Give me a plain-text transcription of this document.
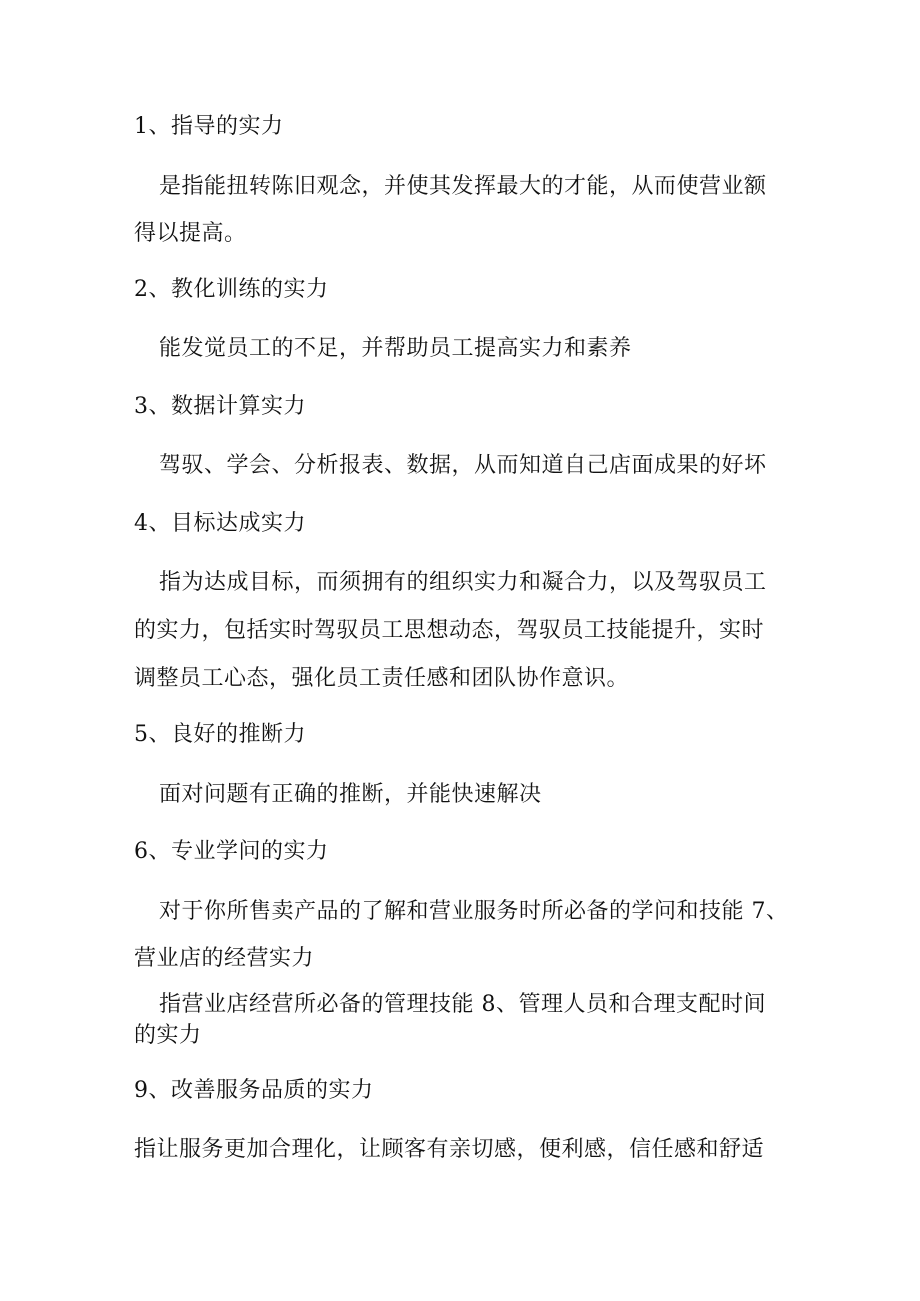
1、指导的实力
是指能扭转陈旧观念，并使其发挥最大的才能，从而使营业额
得以提高。
2、教化训练的实力
能发觉员工的不足，并帮助员工提高实力和素养
3、数据计算实力
驾驭、学会、分析报表、数据，从而知道自己店面成果的好坏
4、目标达成实力
指为达成目标，而须拥有的组织实力和凝合力，以及驾驭员工
的实力，包括实时驾驭员工思想动态，驾驭员工技能提升，实时
调整员工心态，强化员工责任感和团队协作意识。
5、良好的推断力
面对问题有正确的推断，并能快速解决
6、专业学问的实力
对于你所售卖产品的了解和营业服务时所必备的学问和技能 7、
营业店的经营实力
指营业店经营所必备的管理技能 8、管理人员和合理支配时间
的实力
9、改善服务品质的实力
指让服务更加合理化，让顾客有亲切感，便利感，信任感和舒适
